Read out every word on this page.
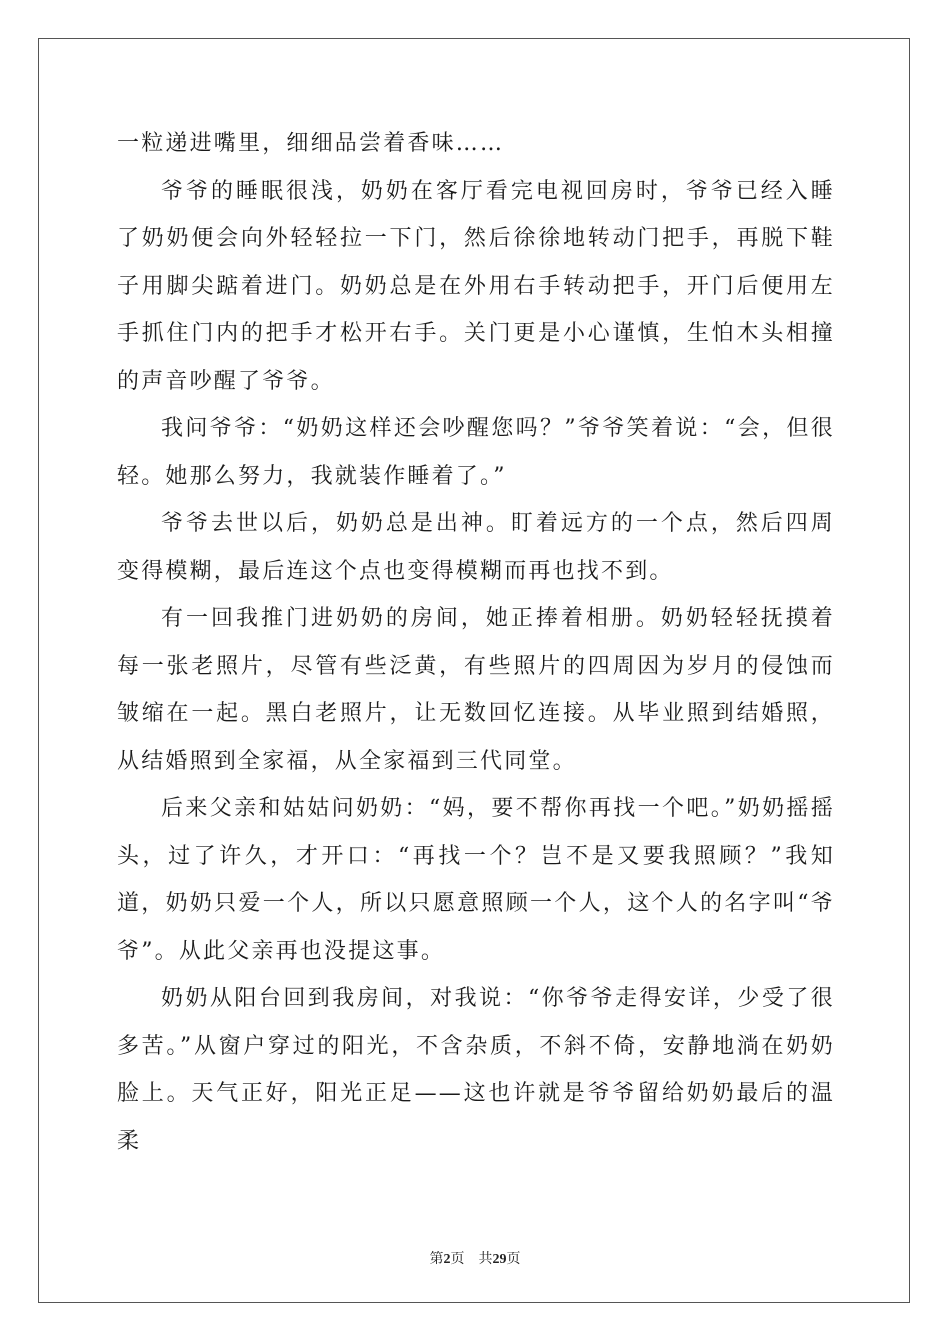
一粒递进嘴里，细细品尝着香味……

爷爷的睡眠很浅，奶奶在客厅看完电视回房时，爷爷已经入睡了奶奶便会向外轻轻拉一下门，然后徐徐地转动门把手，再脱下鞋子用脚尖踮着进门。奶奶总是在外用右手转动把手，开门后便用左手抓住门内的把手才松开右手。关门更是小心谨慎，生怕木头相撞的声音吵醒了爷爷。

我问爷爷：“奶奶这样还会吵醒您吗？”爷爷笑着说：“会，但很轻。她那么努力，我就装作睡着了。”

爷爷去世以后，奶奶总是出神。盯着远方的一个点，然后四周变得模糊，最后连这个点也变得模糊而再也找不到。

有一回我推门进奶奶的房间，她正捧着相册。奶奶轻轻抚摸着每一张老照片，尽管有些泛黄，有些照片的四周因为岁月的侵蚀而皱缩在一起。黑白老照片，让无数回忆连接。从毕业照到结婚照，从结婚照到全家福，从全家福到三代同堂。

后来父亲和姑姑问奶奶：“妈，要不帮你再找一个吧。”奶奶摇摇头，过了许久，才开口：“再找一个？岂不是又要我照顾？”我知道，奶奶只爱一个人，所以只愿意照顾一个人，这个人的名字叫“爷爷”。从此父亲再也没提这事。

奶奶从阳台回到我房间，对我说：“你爷爷走得安详，少受了很多苦。”从窗户穿过的阳光，不含杂质，不斜不倚，安静地淌在奶奶脸上。天气正好，阳光正足——这也许就是爷爷留给奶奶最后的温柔

第2页 共29页
